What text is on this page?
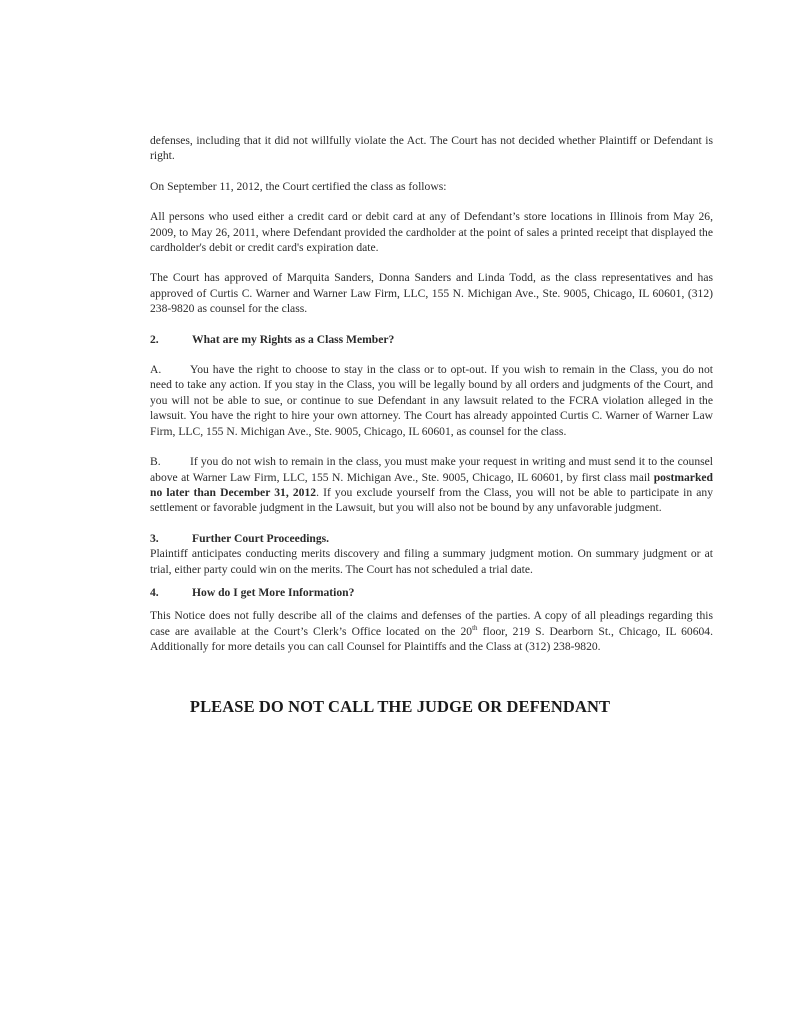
defenses, including that it did not willfully violate the Act. The Court has not decided whether Plaintiff or Defendant is right.

On September 11, 2012, the Court certified the class as follows:

All persons who used either a credit card or debit card at any of Defendant’s store locations in Illinois from May 26, 2009, to May 26, 2011, where Defendant provided the cardholder at the point of sales a printed receipt that displayed the cardholder's debit or credit card's expiration date.

The Court has approved of Marquita Sanders, Donna Sanders and Linda Todd, as the class representatives and has approved of Curtis C. Warner and Warner Law Firm, LLC, 155 N. Michigan Ave., Ste. 9005, Chicago, IL 60601, (312) 238-9820 as counsel for the class.

2.	What are my Rights as a Class Member?

A. You have the right to choose to stay in the class or to opt-out. If you wish to remain in the Class, you do not need to take any action. If you stay in the Class, you will be legally bound by all orders and judgments of the Court, and you will not be able to sue, or continue to sue Defendant in any lawsuit related to the FCRA violation alleged in the lawsuit. You have the right to hire your own attorney. The Court has already appointed Curtis C. Warner of Warner Law Firm, LLC, 155 N. Michigan Ave., Ste. 9005, Chicago, IL 60601, as counsel for the class.

B.	If you do not wish to remain in the class, you must make your request in writing and must send it to the counsel above at Warner Law Firm, LLC, 155 N. Michigan Ave., Ste. 9005, Chicago, IL 60601, by first class mail postmarked no later than December 31, 2012. If you exclude yourself from the Class, you will not be able to participate in any settlement or favorable judgment in the Lawsuit, but you will also not be bound by any unfavorable judgment.

3.	Further Court Proceedings.

Plaintiff anticipates conducting merits discovery and filing a summary judgment motion. On summary judgment or at trial, either party could win on the merits. The Court has not scheduled a trial date.

4.	How do I get More Information?

This Notice does not fully describe all of the claims and defenses of the parties. A copy of all pleadings regarding this case are available at the Court’s Clerk’s Office located on the 20th floor, 219 S. Dearborn St., Chicago, IL 60604. Additionally for more details you can call Counsel for Plaintiffs and the Class at (312) 238-9820.

PLEASE DO NOT CALL THE JUDGE OR DEFENDANT
